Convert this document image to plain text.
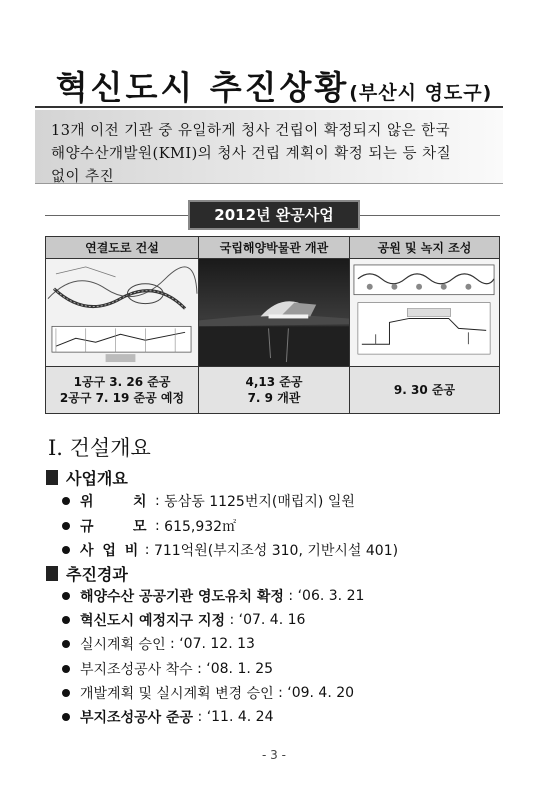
혁신도시 추진상황(부산시 영도구)
13개 이전 기관 중 유일하게 청사 건립이 확정되지 않은 한국
해양수산개발원(KMI)의 청사 건립 계획이 확정 되는 등 차질
없이 추진
2012년 완공사업
연결도로 건설	국립해양박물관 개관	공원 및 녹지 조성
1공구 3. 26 준공
2공구 7. 19 준공 예정
4,13 준공
7. 9 개관
9. 30 준공
Ⅰ. 건설개요
사업개요
위    치 : 동삼동 1125번지(매립지) 일원
규    모 : 615,932㎡
사 업 비 : 711억원(부지조성 310, 기반시설 401)
추진경과
해양수산 공공기관 영도유치 확정 : ‘06. 3. 21
혁신도시 예정지구 지정 : ‘07. 4. 16
실시계획 승인 : ‘07. 12. 13
부지조성공사 착수 : ‘08. 1. 25
개발계획 및 실시계획 변경 승인 : ‘09. 4. 20
부지조성공사 준공 : ‘11. 4. 24
- 3 -
